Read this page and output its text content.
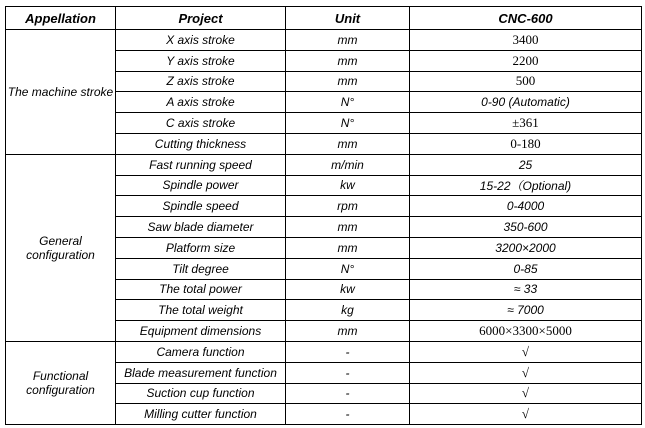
Appellation	Project	Unit	CNC-600
The machine stroke	X axis stroke	mm	3400
	Y axis stroke	mm	2200
	Z axis stroke	mm	500
	A axis stroke	N°	0-90 (Automatic)
	C axis stroke	N°	±361
	Cutting thickness	mm	0-180
General configuration	Fast running speed	m/min	25
	Spindle power	kw	15-22（Optional)
	Spindle speed	rpm	0-4000
	Saw blade diameter	mm	350-600
	Platform size	mm	3200×2000
	Tilt degree	N°	0-85
	The total power	kw	≈ 33
	The total weight	kg	≈ 7000
	Equipment dimensions	mm	6000×3300×5000
Functional configuration	Camera function	-	√
	Blade measurement function	-	√
	Suction cup function	-	√
	Milling cutter function	-	√
